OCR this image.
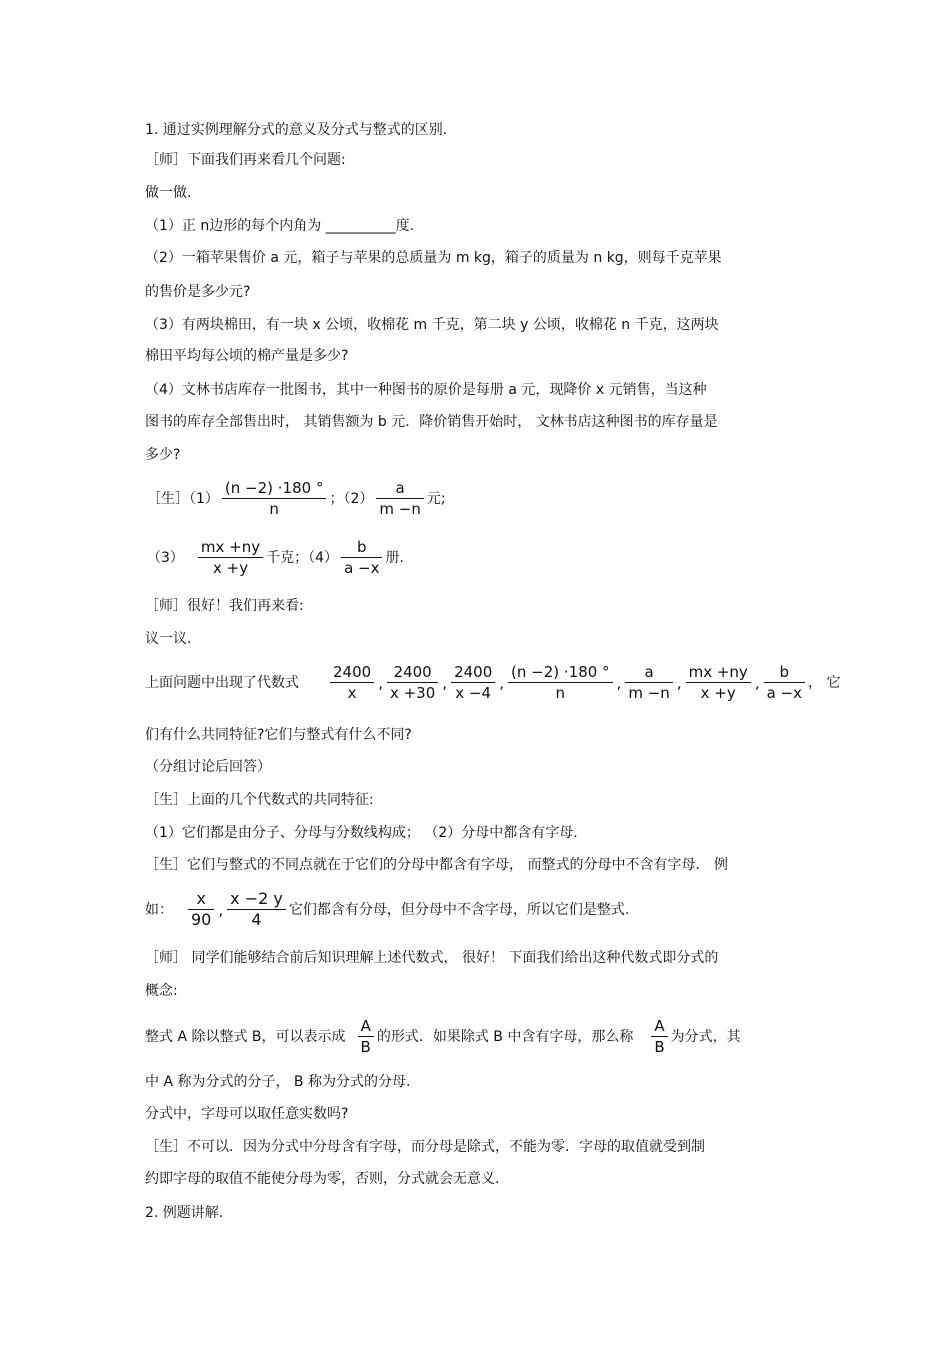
1. 通过实例理解分式的意义及分式与整式的区别.
［师］下面我们再来看几个问题:
做一做.
（1）正 n边形的每个内角为 __________度.
（2）一箱苹果售价 a 元，箱子与苹果的总质量为 m kg，箱子的质量为 n kg，则每千克苹果
的售价是多少元?
（3）有两块棉田，有一块 x 公顷，收棉花 m 千克，第二块 y 公顷，收棉花 n 千克，这两块
棉田平均每公顷的棉产量是多少?
（4）文林书店库存一批图书，其中一种图书的原价是每册 a 元，现降价 x 元销售，当这种
图书的库存全部售出时， 其销售额为 b 元．降价销售开始时， 文林书店这种图书的库存量是
多少?
［生］（1） $\frac{(n -2) \cdot 180 ^\circ}{n}$ ；$(2) \frac{a}{m -n}$ 元;
$(3) \frac{mx +ny}{x +y}$ 千克；$(4) \frac{b}{a -x}$ 册.
［师］很好！我们再来看:
议一议.
上面问题中出现了代数式 $\frac{2400}{x}$ , $\frac{2400}{x +30}$ , $\frac{2400}{x -4}$ , $\frac{(n -2) \cdot 180 ^\circ}{n}$ , $\frac{a}{m -n}$ , $\frac{mx +ny}{x +y}$ , $\frac{b}{a -x}$ ， 它
们有什么共同特征?它们与整式有什么不同?
（分组讨论后回答）
［生］上面的几个代数式的共同特征:
（1）它们都是由分子、分母与分数线构成； （2）分母中都含有字母.
［生］它们与整式的不同点就在于它们的分母中都含有字母， 而整式的分母中不含有字母． 例
如： $\frac{x}{90}$ , $\frac{x -2 y}{4}$ 它们都含有分母，但分母中不含字母，所以它们是整式.
［师］ 同学们能够结合前后知识理解上述代数式， 很好！ 下面我们给出这种代数式即分式的
概念:
整式 A 除以整式 B，可以表示成 $\frac{A}{B}$ 的形式．如果除式 B 中含有字母，那么称 $\frac{A}{B}$ 为分式，其
中 A 称为分式的分子， B 称为分式的分母.
分式中，字母可以取任意实数吗?
［生］不可以．因为分式中分母含有字母，而分母是除式，不能为零．字母的取值就受到制
约即字母的取值不能使分母为零，否则，分式就会无意义.
2. 例题讲解.
